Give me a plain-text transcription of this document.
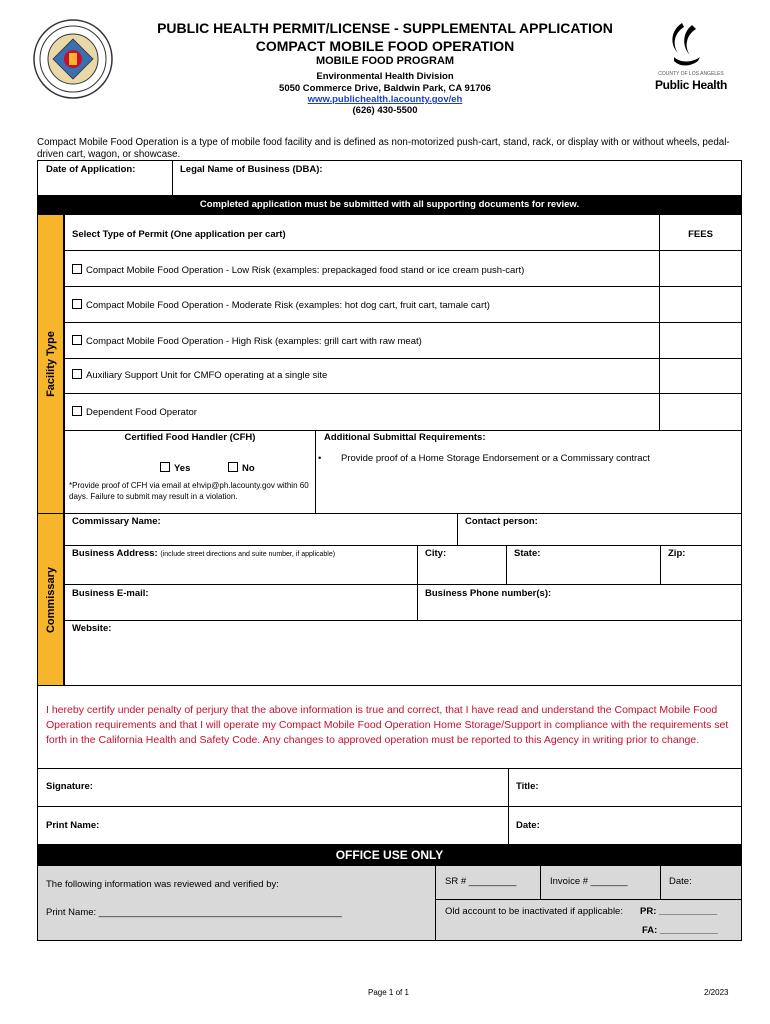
PUBLIC HEALTH PERMIT/LICENSE - SUPPLEMENTAL APPLICATION
COMPACT MOBILE FOOD OPERATION
MOBILE FOOD PROGRAM
Environmental Health Division
5050 Commerce Drive, Baldwin Park, CA 91706
www.publichealth.lacounty.gov/eh
(626) 430-5500
COUNTY OF LOS ANGELES
Public Health
Compact Mobile Food Operation is a type of mobile food facility and is defined as non-motorized push-cart, stand, rack, or display with or without wheels, pedal-driven cart, wagon, or showcase.
Date of Application:	Legal Name of Business (DBA):
Completed application must be submitted with all supporting documents for review.
Facility Type
Select Type of Permit (One application per cart)	FEES
Compact Mobile Food Operation - Low Risk (examples: prepackaged food stand or ice cream push-cart)
Compact Mobile Food Operation - Moderate Risk (examples: hot dog cart, fruit cart, tamale cart)
Compact Mobile Food Operation - High Risk (examples: grill cart with raw meat)
Auxiliary Support Unit for CMFO operating at a single site
Dependent Food Operator
Certified Food Handler (CFH)
Yes	No
*Provide proof of CFH via email at ehvip@ph.lacounty.gov within 60 days. Failure to submit may result in a violation.
Additional Submittal Requirements:
• Provide proof of a Home Storage Endorsement or a Commissary contract
Commissary
Commissary Name:	Contact person:
Business Address: (include street directions and suite number, if applicable)	City:	State:	Zip:
Business E-mail:	Business Phone number(s):
Website:
I hereby certify under penalty of perjury that the above information is true and correct, that I have read and understand the Compact Mobile Food Operation requirements and that I will operate my Compact Mobile Food Operation Home Storage/Support in compliance with the requirements set forth in the California Health and Safety Code. Any changes to approved operation must be reported to this Agency in writing prior to change.
Signature:	Title:
Print Name:	Date:
OFFICE USE ONLY
The following information was reviewed and verified by:	SR # _________	Invoice # _______	Date:
Print Name: ______________________________________________	Old account to be inactivated if applicable: PR: ___________
FA: ___________
Page 1 of 1	2/2023
